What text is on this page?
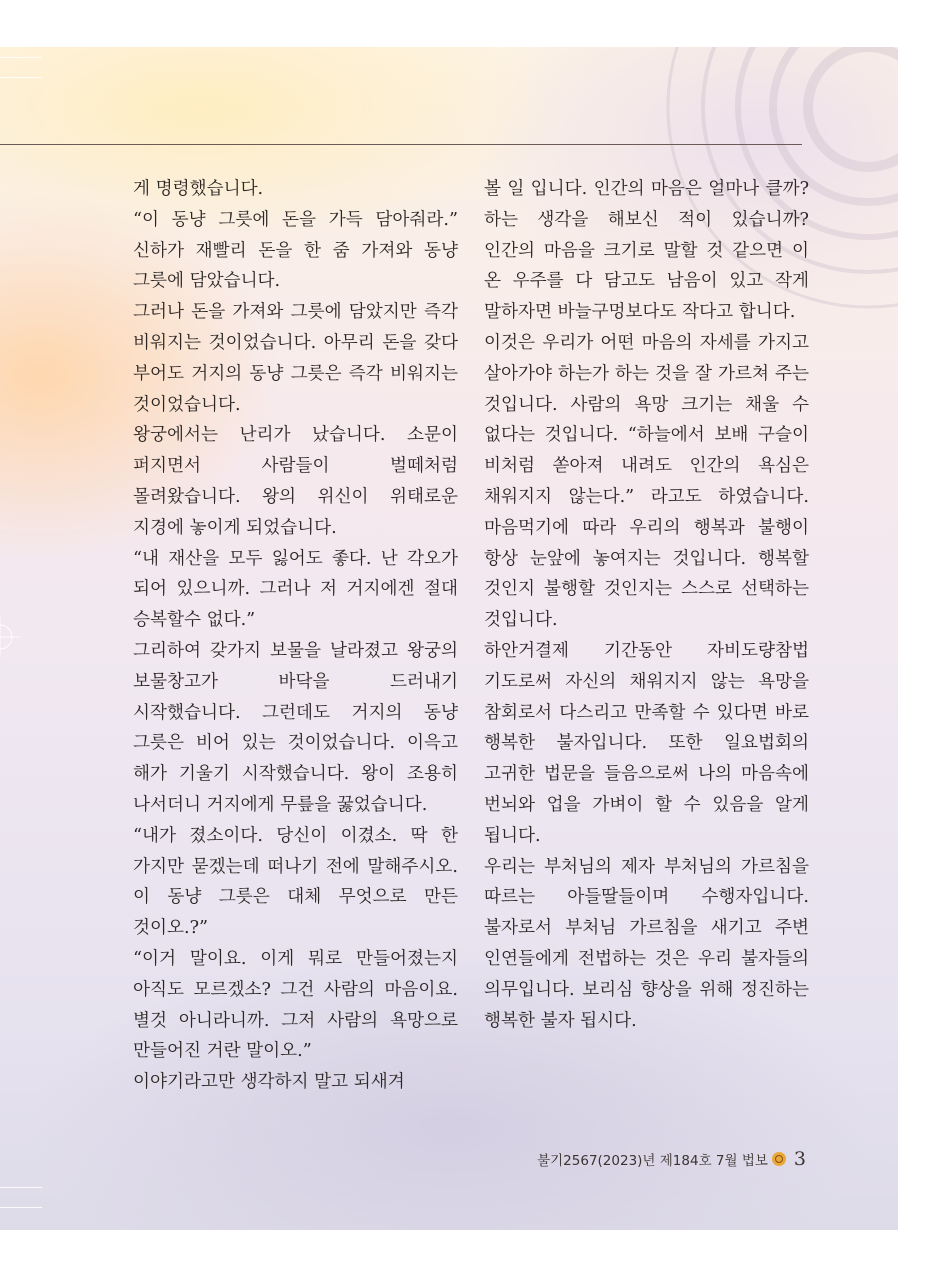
게 명령했습니다.

“이 동냥 그릇에 돈을 가득 담아줘라.” 신하가 재빨리 돈을 한 줌 가져와 동냥 그릇에 담았습니다.

그러나 돈을 가져와 그릇에 담았지만 즉각 비워지는 것이었습니다. 아무리 돈을 갖다 부어도 거지의 동냥 그릇은 즉각 비워지는 것이었습니다.

왕궁에서는 난리가 났습니다. 소문이 퍼지면서 사람들이 벌떼처럼 몰려왔습니다. 왕의 위신이 위태로운 지경에 놓이게 되었습니다.

“내 재산을 모두 잃어도 좋다. 난 각오가 되어 있으니까. 그러나 저 거지에겐 절대 승복할수 없다.”

그리하여 갖가지 보물을 날라졌고 왕궁의 보물창고가 바닥을 드러내기 시작했습니다. 그런데도 거지의 동냥 그릇은 비어 있는 것이었습니다. 이윽고 해가 기울기 시작했습니다. 왕이 조용히 나서더니 거지에게 무릎을 꿇었습니다.

“내가 졌소이다. 당신이 이겼소. 딱 한 가지만 묻겠는데 떠나기 전에 말해주시오. 이 동냥 그릇은 대체 무엇으로 만든 것이오.?”

“이거 말이요. 이게 뭐로 만들어졌는지 아직도 모르겠소? 그건 사람의 마음이요. 별것 아니라니까. 그저 사람의 욕망으로 만들어진 거란 말이오.”

이야기라고만 생각하지 말고 되새겨

볼 일 입니다. 인간의 마음은 얼마나 클까? 하는 생각을 해보신 적이 있습니까? 인간의 마음을 크기로 말할 것 같으면 이 온 우주를 다 담고도 남음이 있고 작게 말하자면 바늘구멍보다도 작다고 합니다.

이것은 우리가 어떤 마음의 자세를 가지고 살아가야 하는가 하는 것을 잘 가르쳐 주는 것입니다. 사람의 욕망 크기는 채울 수 없다는 것입니다. “하늘에서 보배 구슬이 비처럼 쏟아져 내려도 인간의 욕심은 채워지지 않는다.” 라고도 하였습니다. 마음먹기에 따라 우리의 행복과 불행이 항상 눈앞에 놓여지는 것입니다. 행복할 것인지 불행할 것인지는 스스로 선택하는 것입니다.

하안거결제 기간동안 자비도량참법 기도로써 자신의 채워지지 않는 욕망을 참회로서 다스리고 만족할 수 있다면 바로 행복한 불자입니다. 또한 일요법회의 고귀한 법문을 들음으로써 나의 마음속에 번뇌와 업을 가벼이 할 수 있음을 알게 됩니다.

우리는 부처님의 제자 부처님의 가르침을 따르는 아들딸들이며 수행자입니다. 불자로서 부처님 가르침을 새기고 주변 인연들에게 전법하는 것은 우리 불자들의 의무입니다. 보리심 향상을 위해 정진하는 행복한 불자 됩시다.

불기2567(2023)년 제184호 7월 법보 3
